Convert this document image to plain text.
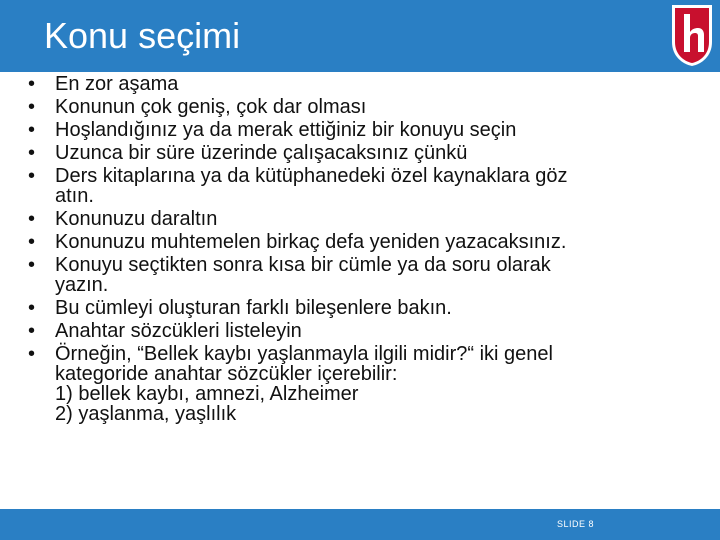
Konu seçimi
• En zor aşama
• Konunun çok geniş, çok dar olması
• Hoşlandığınız ya da merak ettiğiniz bir konuyu seçin
• Uzunca bir süre üzerinde çalışacaksınız çünkü
• Ders kitaplarına ya da kütüphanedeki özel kaynaklara göz
atın.
• Konunuzu daraltın
• Konunuzu muhtemelen birkaç defa yeniden yazacaksınız.
• Konuyu seçtikten sonra kısa bir cümle ya da soru olarak
yazın.
• Bu cümleyi oluşturan farklı bileşenlere bakın.
• Anahtar sözcükleri listeleyin
• Örneğin, “Bellek kaybı yaşlanmayla ilgili midir?“ iki genel
kategoride anahtar sözcükler içerebilir:
1) bellek kaybı, amnezi, Alzheimer
2) yaşlanma, yaşlılık
SLIDE 8
